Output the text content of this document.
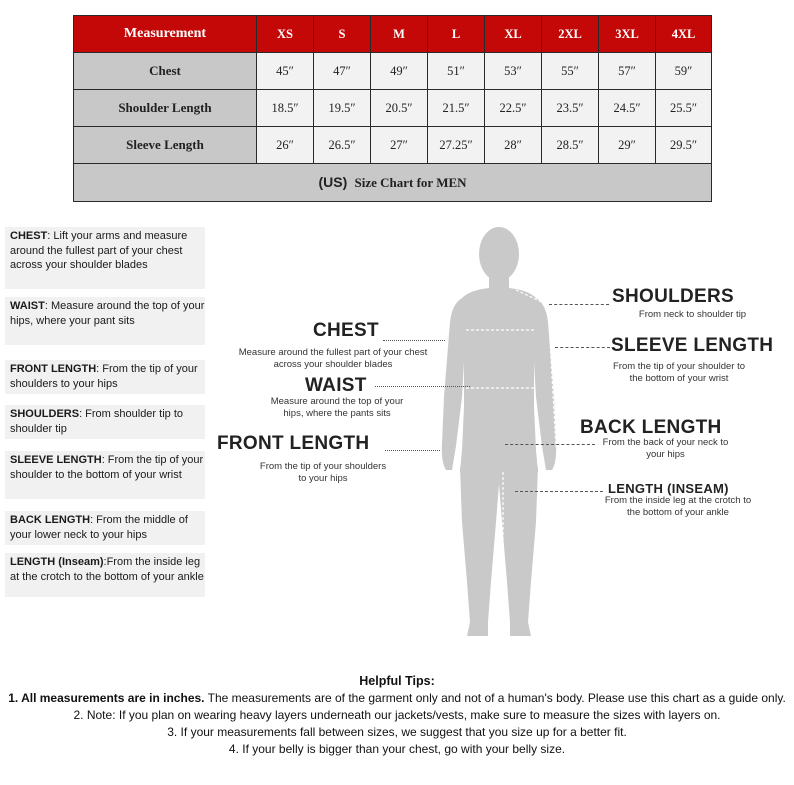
Measurement	XS	S	M	L	XL	2XL	3XL	4XL
Chest	45″	47″	49″	51″	53″	55″	57″	59″
Shoulder Length	18.5″	19.5″	20.5″	21.5″	22.5″	23.5″	24.5″	25.5″
Sleeve Length	26″	26.5″	27″	27.25″	28″	28.5″	29″	29.5″
(US) Size Chart for MEN								
CHEST: Lift your arms and measure around the fullest part of your chest across your shoulder blades
WAIST: Measure around the top of your hips, where your pant sits
FRONT LENGTH: From the tip of your shoulders to your hips
SHOULDERS: From shoulder tip to shoulder tip
SLEEVE LENGTH: From the tip of your shoulder to the bottom of your wrist
BACK LENGTH: From the middle of your lower neck to your hips
LENGTH (Inseam):From the inside leg at the crotch to the bottom of your ankle
CHEST
Measure around the fullest part of your chest across your shoulder blades
WAIST
Measure around the top of your hips, where the pants sits
FRONT LENGTH
From the tip of your shoulders to your hips
SHOULDERS
From neck to shoulder tip
SLEEVE LENGTH
From the tip of your shoulder to the bottom of your wrist
BACK LENGTH
From the back of your neck to your hips
LENGTH (INSEAM)
From the inside leg at the crotch to the bottom of your ankle
Helpful Tips:
1. All measurements are in inches. The measurements are of the garment only and not of a human's body. Please use this chart as a guide only.
2. Note: If you plan on wearing heavy layers underneath our jackets/vests, make sure to measure the sizes with layers on.
3. If your measurements fall between sizes, we suggest that you size up for a better fit.
4. If your belly is bigger than your chest, go with your belly size.
